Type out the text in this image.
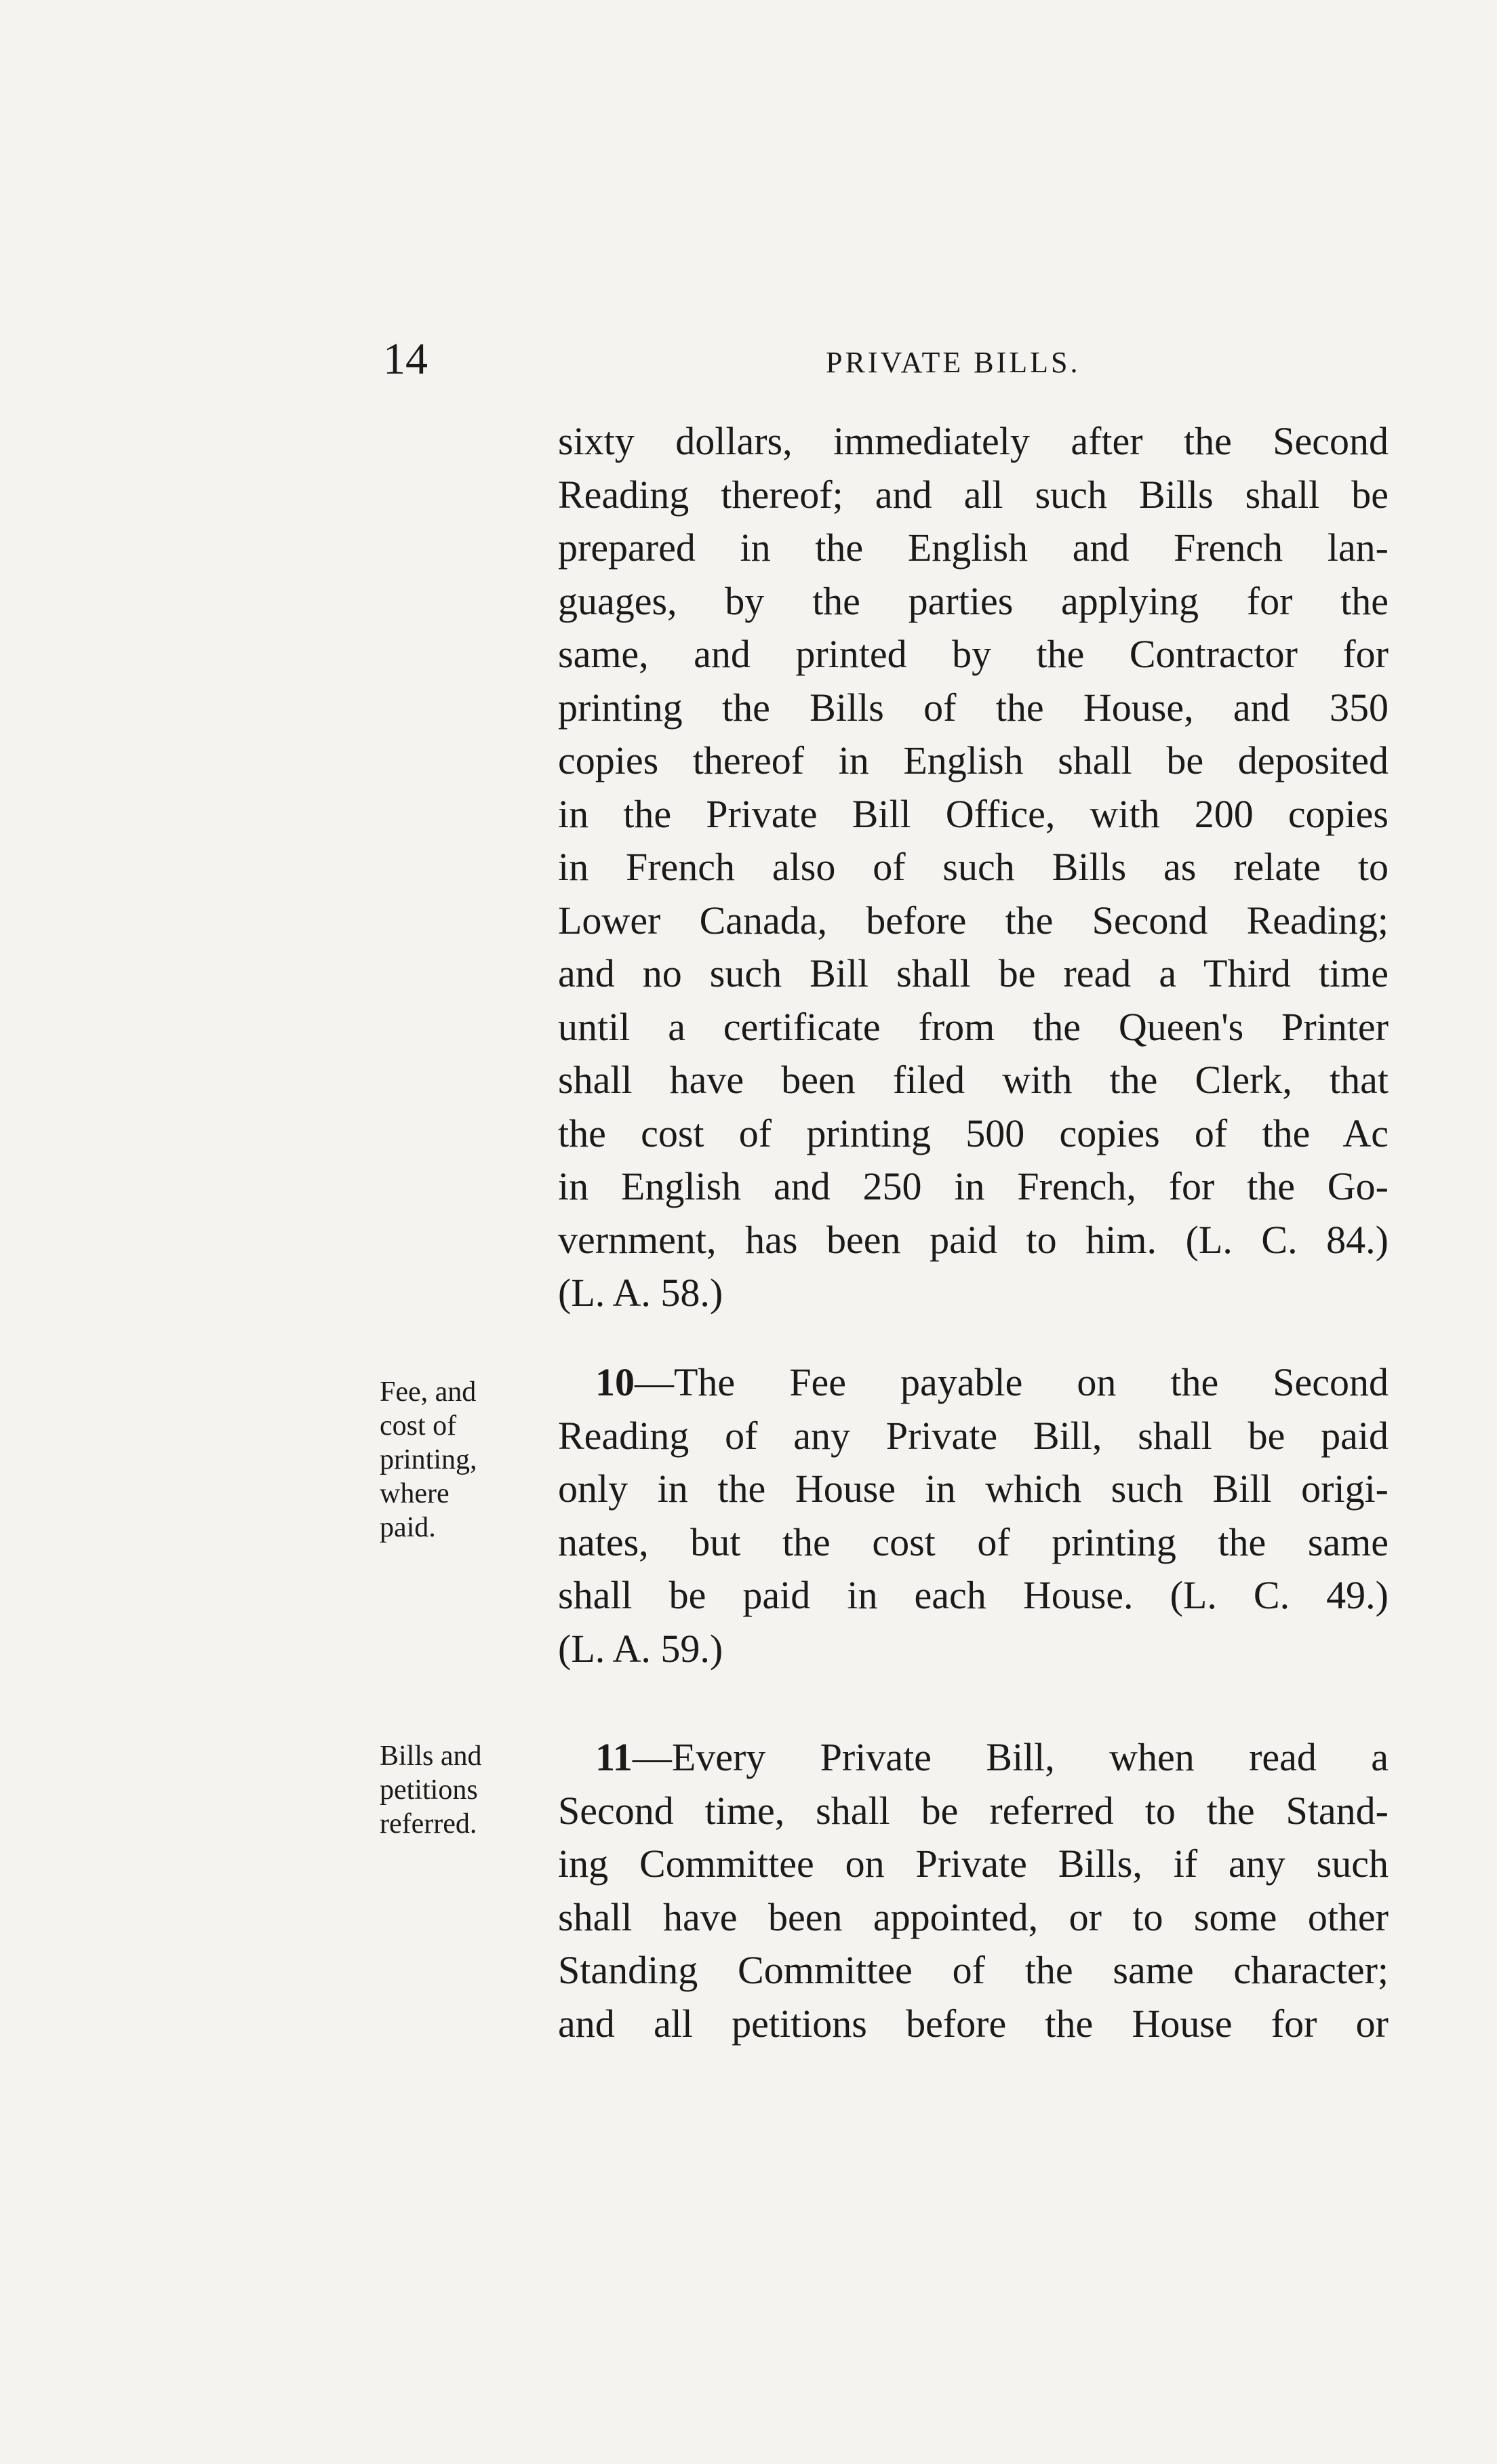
14	PRIVATE BILLS.
sixty dollars, immediately after the Second
Reading thereof; and all such Bills shall be
prepared in the English and French lan-
guages, by the parties applying for the
same, and printed by the Contractor for
printing the Bills of the House, and 350
copies thereof in English shall be deposited
in the Private Bill Office, with 200 copies
in French also of such Bills as relate to
Lower Canada, before the Second Reading;
and no such Bill shall be read a Third time
until a certificate from the Queen's Printer
shall have been filed with the Clerk, that
the cost of printing 500 copies of the Ac
in English and 250 in French, for the Go-
vernment, has been paid to him. (L. C. 84.)
(L. A. 58.)
Fee, and
cost of
printing,
where
paid.
10—The Fee payable on the Second
Reading of any Private Bill, shall be paid
only in the House in which such Bill origi-
nates, but the cost of printing the same
shall be paid in each House. (L. C. 49.)
(L. A. 59.)
Bills and
petitions
referred.
11—Every Private Bill, when read a
Second time, shall be referred to the Stand-
ing Committee on Private Bills, if any such
shall have been appointed, or to some other
Standing Committee of the same character;
and all petitions before the House for or
